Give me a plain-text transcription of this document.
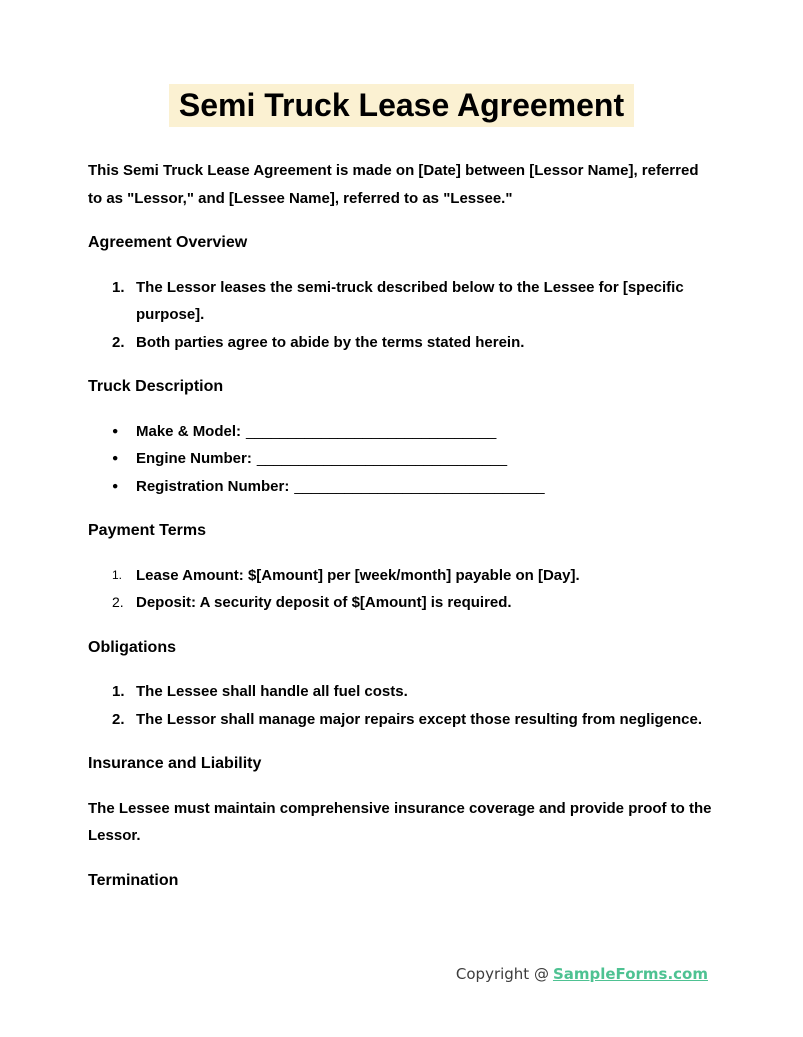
Semi Truck Lease Agreement

This Semi Truck Lease Agreement is made on [Date] between [Lessor Name], referred to as "Lessor," and [Lessee Name], referred to as "Lessee."

Agreement Overview
1. The Lessor leases the semi-truck described below to the Lessee for [specific purpose].
2. Both parties agree to abide by the terms stated herein.
Truck Description
●	Make & Model: ______________________________
●	Engine Number: ______________________________
●	Registration Number: ______________________________
Payment Terms
1. Lease Amount: $[Amount] per [week/month] payable on [Day].
2. Deposit: A security deposit of $[Amount] is required.
Obligations
1. The Lessee shall handle all fuel costs.
2. The Lessor shall manage major repairs except those resulting from negligence.
Insurance and Liability

The Lessee must maintain comprehensive insurance coverage and provide proof to the Lessor.

Termination
Copyright @ SampleForms.com
